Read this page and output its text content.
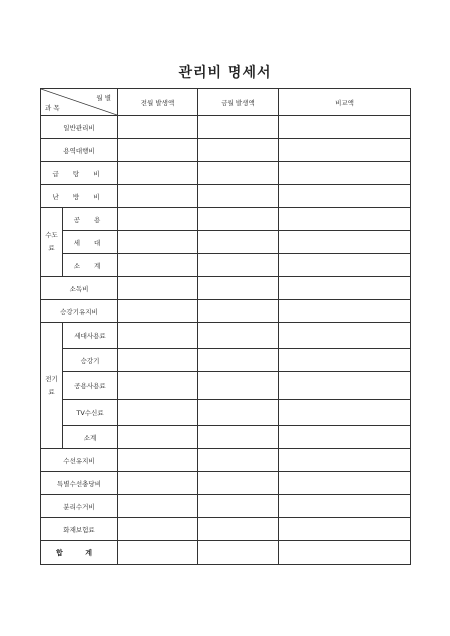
관리비 명세서
월 별
과 목		전월 발생액	금월 발생액	비교액
일반관리비				
용역대행비				
급 탕 비				
난 방 비				
수도료	공 용			
	세 대			
	소 계			
소독비				
승강기유지비				
전기료	세대사용료			
	승강기			
	공용사용료			
	TV수신료			
	소계			
수선유지비				
특별수선충당비				
분리수거비				
화재보험료				
합 계				
